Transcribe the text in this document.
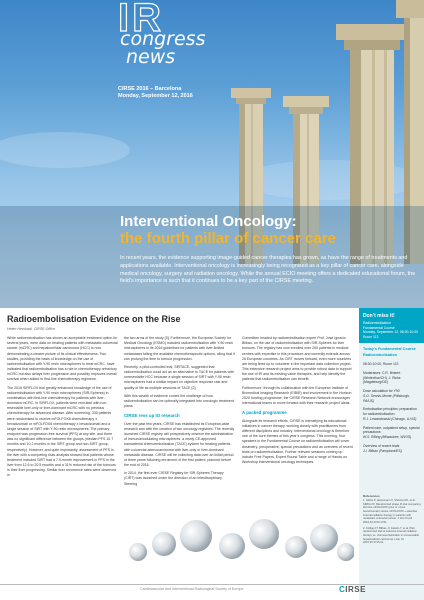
IR
congress
news
CIRSE 2016 – Barcelona
Monday, September 12, 2016
Interventional Oncology:
the fourth pillar of cancer care
In recent years, the evidence supporting image-guided cancer therapies has grown, as have the range of treatments and applications available. Interventional oncology is increasingly being recognised as a key pillar of cancer care, alongside medical oncology, surgery and radiation oncology. While the annual ECIO meeting offers a dedicated educational forum, the field’s importance is such that it continues to be a key part of the CIRSE meeting.
Radioembolisation Evidence on the Rise
Helen Hemkadi, CIRSE Office

While radioembolisation has shown an acceptable treatment option for several years, mere data on treating patients with metastatic colorectal cancer (mCRC) and hepatocellular carcinoma (HCC) is now demonstrating a clearer picture of its clinical effectiveness. Two studies, providing the basis of knowledge on the use of radioembolisation with Y-90 resin microspheres to treat mCRC, have indicated that radioembolisation has a role in chemotherapy-refractory mCRC but also delays liver progression and possibly improves overall survival when added to first-line chemotherapy regimens.

The 2015 SIRFLOX trial greatly enhanced knowledge of the use of radioembolisation with Y-90 resin microspheres (SIR-Spheres) in combination with first-line chemotherapy for patients with liver-dominant mCRC. In SIRFLOX, patients were recruited with non-resectable liver-only or liver-dominant mCRC with no previous chemotherapy for advanced disease. After screening, 330 patients were randomised to receive mFOLFOX6 chemotherapy ± bevacizumab or mFOLFOX6 chemotherapy ± bevacizumab and a single session of SIRT with Y-90 resin microspheres. The primary endpoint was progression-free survival (PFS) at any site, and there was no significant difference between the groups (median PFS 10.7 months and 10.2 months in the SIRT group and non-SIRT group, respectively). However, and quite importantly, assessment of PFS in the liver with a competing risks analysis showed that patients whose treatment included SIRT had a 7.9-month improvement in PFS in the liver from 12.6 to 20.5 months and a 31% reduced risk of the tumours in their liver progressing. Similar liver recurrence rates were observed in

the two arms of the study [3]. Furthermore, the European Society for Medical Oncology (ESMO) included radioembolisation with Y-90 resin microspheres in its 2016 guidelines for patients with liver-limited metastases failing the available chemotherapeutic options, citing that it can prolong the time to tumour progression.

Recently, a pilot-controlled trial, SIRTACE, suggested that radioembolisation could act as an alternative to TACE for patients with unresectable HCC because a single session of SIRT with Y-90 resin microspheres had a similar impact on objective response rate and quality of life as multiple sessions of TACE [2].

With this wealth of evidence comes the challenge of how radioembolisation can be optimally integrated into oncologic treatment plans.

CIRSE revs up IO research

Over the past few years, CIRSE has established its European-wide research arm with the creation of two oncology registries. The recently launched CIRSE registry will prospectively observe the administration of immunomodulating microspheres, a newly CE-approved transarterial chemoembolisation (TACE) system for treating patients with colorectal adenocarcinoma with liver-only or liver-dominant metastatic disease. CIRSE will be collecting data over an initial period of three years following enrolment of the first patient, planned before the end of 2016.

In 2014, the first-ever CIRSE Registry for SIR-Spheres Therapy (CIRT) was launched under the direction of an interdisciplinary Steering

Committee headed by radioembolisation expert Prof. José Ignacio Bilbao, on the use of radioembolisation with SIR-Spheres for liver tumours. The registry has now enrolled over 200 patients in medical centres with expertise in this procedure and currently extends across 26 European countries. As CIRT moves forward, even more countries are being lined up to volunteer in the important data collection project. This extensive research project aims to provide robust data to support the use of IR and its existing value therapies, and help identify the patients that radioembolisation can benefit.

Furthermore, through its collaboration with the European Institute of Biomedical Imaging Research (EIBIR) and involvement in the Horizon 2020 funding programme, the CIRSE Research Network encourages international teams to move forward with their research project ideas.

A packed programme

Alongside its research efforts, CIRSE is intensifying its educational initiatives in cancer therapy, working closely with practitioners from different disciplines and industry. Interventional oncology is therefore one of the core themes of this year’s congress. This morning, four speakers in the Fundamental Course on radioembolisation will cover dosimetry, preoperative, special precautions and an overview of recent trials on radioembolisation. Further relevant sessions coming up include Free Papers, Expert Round Table and a range of Hands-on Workshop interventional oncology techniques.

Don’t miss it!
Radioembolisation
Fundamental Course
Monday, September 12, 08:30-10:00
Room 113
Today’s Fundamental Course Radioembolisation
08:30-10:00, Room 113
Moderators: C.R. Binkert (Winterthur/CH), J. Ricke (Magdeburg/DE)
Dose calculation for Y90
S.G. Sennis-Monte (Pittsburgh, PA/US)
Embolisation principles: preparation for radioembolisation
R.J. Lewandowski (Chicago, IL/US)
Patient care, outpatient setup, special precautions
W.S. Rilling (Milwaukee, WI/US)
Overview of recent trials
J.I. Bilbao (Pamplona/ES)
References
1. Gibbs P, Heinemann V, Sharma NK, et al. SIRFLOX: Randomized phase III trial comparing first-line mFOLFOX6 (plus or minus bevacizumab) versus mFOLFOX6 + selective internal radiation therapy in patients with metastatic colorectal cancer. J Clin Oncol 2016;34:1723-1731.
2. Kolligs FT, Bilbao JI, Jakobs T, et al. Pilot randomized trial of selective internal radiation therapy vs. chemoembolization in unresectable hepatocellular carcinoma. Liver Int 2015;35:1715-21.
Cardiovascular and Interventional Radiological Society of Europe	CIRSE
